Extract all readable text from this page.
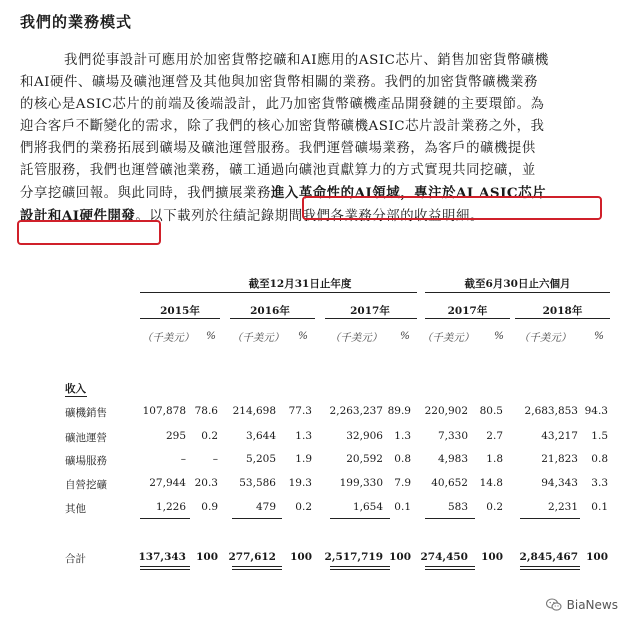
我們的業務模式
我們從事設計可應用於加密貨幣挖礦和AI應用的ASIC芯片、銷售加密貨幣礦機
和AI硬件、礦場及礦池運營及其他與加密貨幣相關的業務。我們的加密貨幣礦機業務
的核心是ASIC芯片的前端及後端設計，此乃加密貨幣礦機產品開發鏈的主要環節。為
迎合客戶不斷變化的需求，除了我們的核心加密貨幣礦機ASIC芯片設計業務之外，我
們將我們的業務拓展到礦場及礦池運營服務。我們運營礦場業務，為客戶的礦機提供
託管服務，我們也運營礦池業務，礦工通過向礦池貢獻算力的方式實現共同挖礦，並
分享挖礦回報。與此同時，我們擴展業務進入革命性的AI領域，專注於AI ASIC芯片
設計和AI硬件開發。以下載列於往績記錄期間我們各業務分部的收益明細。
截至12月31日止年度	截至6月30日止六個月
2015年	2016年	2017年	2017年	2018年
（千美元）	%	（千美元）	%	（千美元）	%	（千美元）	%	（千美元）	%
收入
礦機銷售	107,878 78.6 214,698 77.3 2,263,237 89.9 220,902 80.5 2,683,853 94.3
礦池運營	295 0.2	3,644 1.3	32,906 1.3	7,330 2.7	43,217 1.5
礦場服務	–	–	5,205 1.9	20,592 0.8	4,983 1.8	21,823 0.8
自營挖礦	27,944 20.3 53,586 19.3	199,330 7.9 40,652 14.8	94,343 3.3
其他	1,226 0.9	479 0.2	1,654 0.1	583 0.2	2,231 0.1
合計	137,343 100 277,612 100 2,517,719 100 274,450 100 2,845,467 100
BiaNews
